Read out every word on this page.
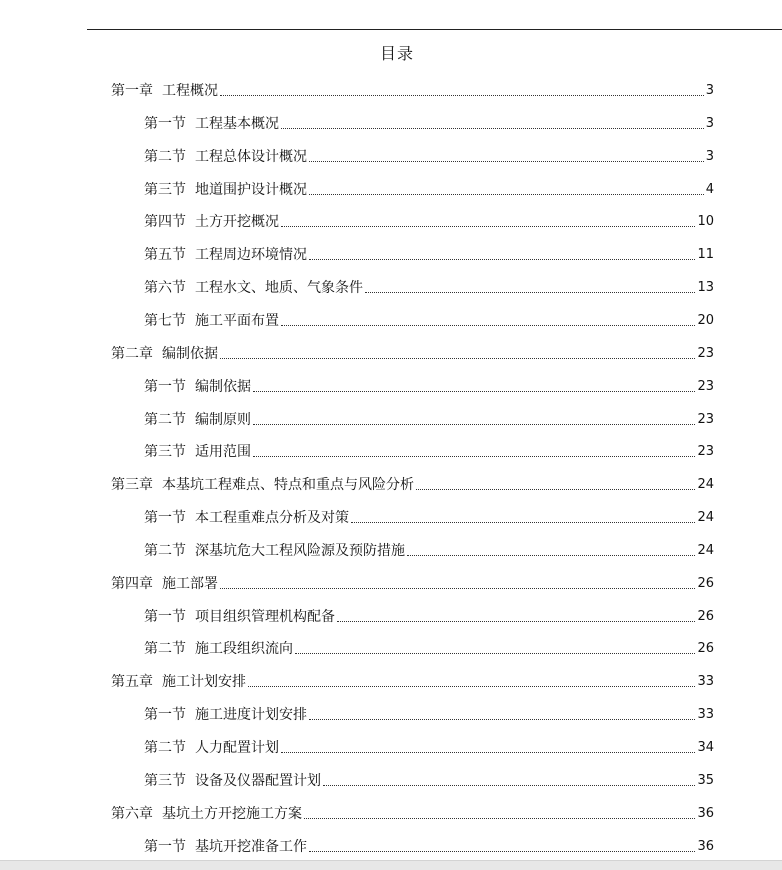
目录
第一章 工程概况	3
第一节 工程基本概况	3
第二节 工程总体设计概况	3
第三节 地道围护设计概况	4
第四节 土方开挖概况	10
第五节 工程周边环境情况	11
第六节 工程水文、地质、气象条件	13
第七节 施工平面布置	20
第二章 编制依据	23
第一节 编制依据	23
第二节 编制原则	23
第三节 适用范围	23
第三章 本基坑工程难点、特点和重点与风险分析	24
第一节 本工程重难点分析及对策	24
第二节 深基坑危大工程风险源及预防措施	24
第四章 施工部署	26
第一节 项目组织管理机构配备	26
第二节 施工段组织流向	26
第五章 施工计划安排	33
第一节 施工进度计划安排	33
第二节 人力配置计划	34
第三节 设备及仪器配置计划	35
第六章 基坑土方开挖施工方案	36
第一节 基坑开挖准备工作	36
